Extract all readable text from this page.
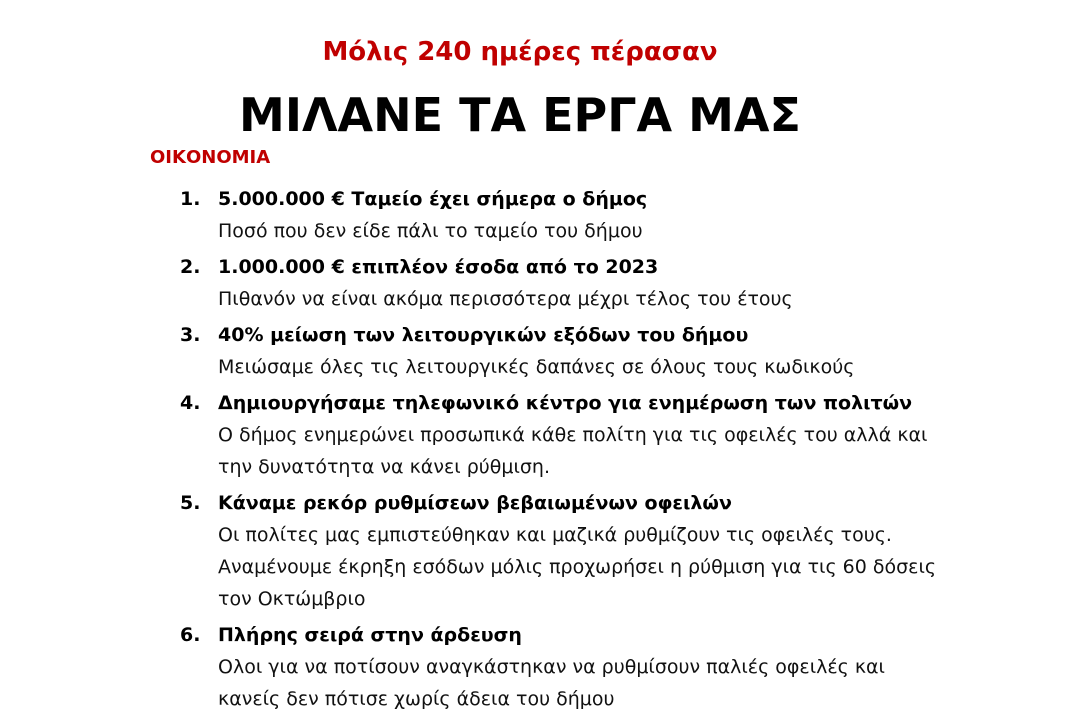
Μόλις 240 ημέρες πέρασαν
ΜΙΛΑΝΕ ΤΑ ΕΡΓΑ ΜΑΣ
ΟΙΚΟΝΟΜΙΑ
1. 5.000.000 € Ταμείο έχει σήμερα ο δήμος
Ποσό που δεν είδε πάλι το ταμείο του δήμου
2. 1.000.000 € επιπλέον έσοδα από το 2023
Πιθανόν να είναι ακόμα περισσότερα μέχρι τέλος του έτους
3. 40% μείωση των λειτουργικών εξόδων του δήμου
Μειώσαμε όλες τις λειτουργικές δαπάνες σε όλους τους κωδικούς
4. Δημιουργήσαμε τηλεφωνικό κέντρο για ενημέρωση των πολιτών
Ο δήμος ενημερώνει προσωπικά κάθε πολίτη για τις οφειλές του αλλά και την δυνατότητα να κάνει ρύθμιση.
5. Κάναμε ρεκόρ ρυθμίσεων βεβαιωμένων οφειλών
Οι πολίτες μας εμπιστεύθηκαν και μαζικά ρυθμίζουν τις οφειλές τους. Αναμένουμε έκρηξη εσόδων μόλις προχωρήσει η ρύθμιση για τις 60 δόσεις τον Οκτώμβριο
6. Πλήρης σειρά στην άρδευση
Ολοι για να ποτίσουν αναγκάστηκαν να ρυθμίσουν παλιές οφειλές και κανείς δεν πότισε χωρίς άδεια του δήμου
